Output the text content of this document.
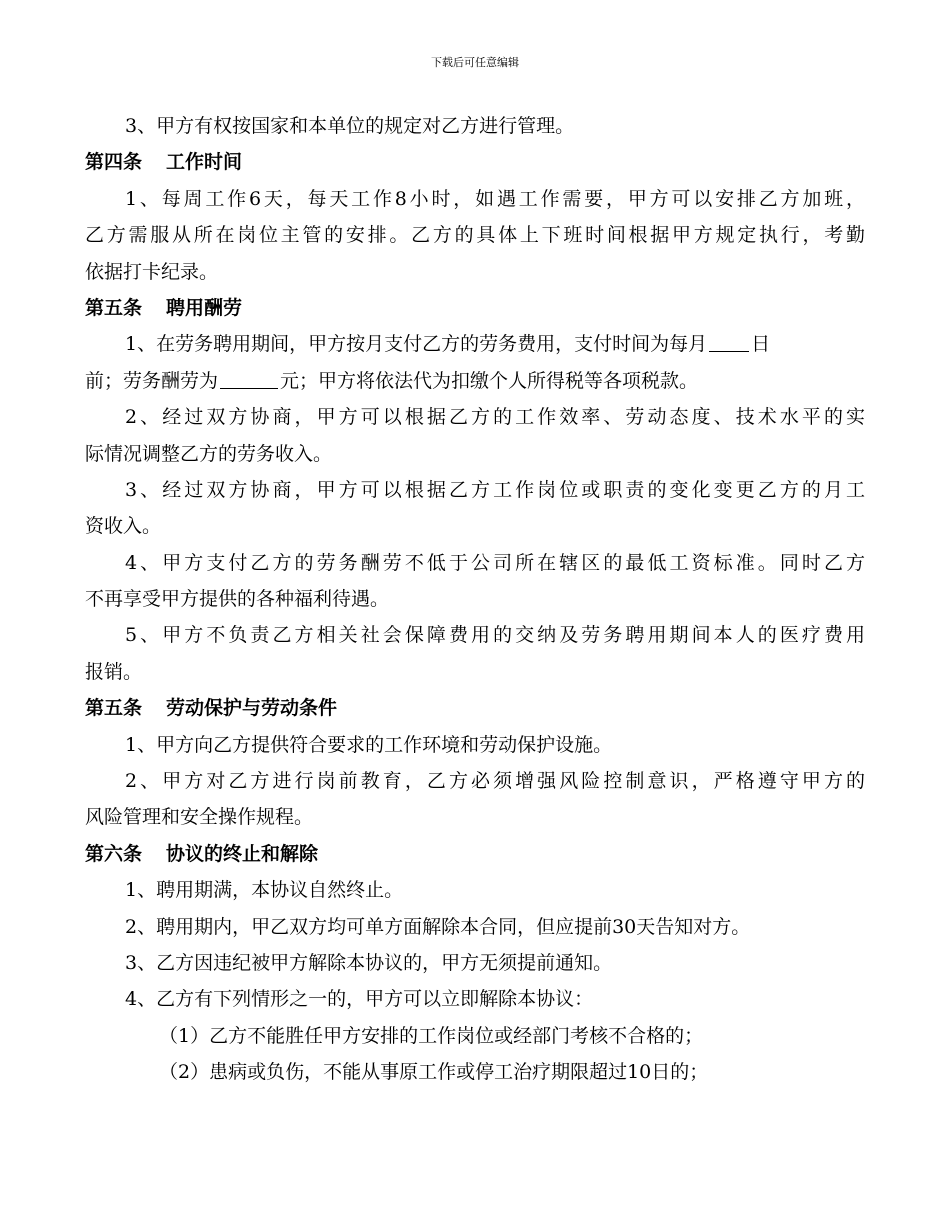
下载后可任意编辑
3、甲方有权按国家和本单位的规定对乙方进行管理。
第四条 工作时间
1、每周工作6天，每天工作8小时，如遇工作需要，甲方可以安排乙方加班，
乙方需服从所在岗位主管的安排。乙方的具体上下班时间根据甲方规定执行，考勤
依据打卡纪录。
第五条 聘用酬劳
1、在劳务聘用期间，甲方按月支付乙方的劳务费用，支付时间为每月 日
前；劳务酬劳为	元；甲方将依法代为扣缴个人所得税等各项税款。
2、经过双方协商，甲方可以根据乙方的工作效率、劳动态度、技术水平的实
际情况调整乙方的劳务收入。
3、经过双方协商，甲方可以根据乙方工作岗位或职责的变化变更乙方的月工
资收入。
4、甲方支付乙方的劳务酬劳不低于公司所在辖区的最低工资标准。同时乙方
不再享受甲方提供的各种福利待遇。
5、甲方不负责乙方相关社会保障费用的交纳及劳务聘用期间本人的医疗费用
报销。
第五条 劳动保护与劳动条件
1、甲方向乙方提供符合要求的工作环境和劳动保护设施。
2、甲方对乙方进行岗前教育，乙方必须增强风险控制意识，严格遵守甲方的
风险管理和安全操作规程。
第六条 协议的终止和解除
1、聘用期满，本协议自然终止。
2、聘用期内，甲乙双方均可单方面解除本合同，但应提前30天告知对方。
3、乙方因违纪被甲方解除本协议的，甲方无须提前通知。
4、乙方有下列情形之一的，甲方可以立即解除本协议：
（1）乙方不能胜任甲方安排的工作岗位或经部门考核不合格的；
（2）患病或负伤，不能从事原工作或停工治疗期限超过10日的；
